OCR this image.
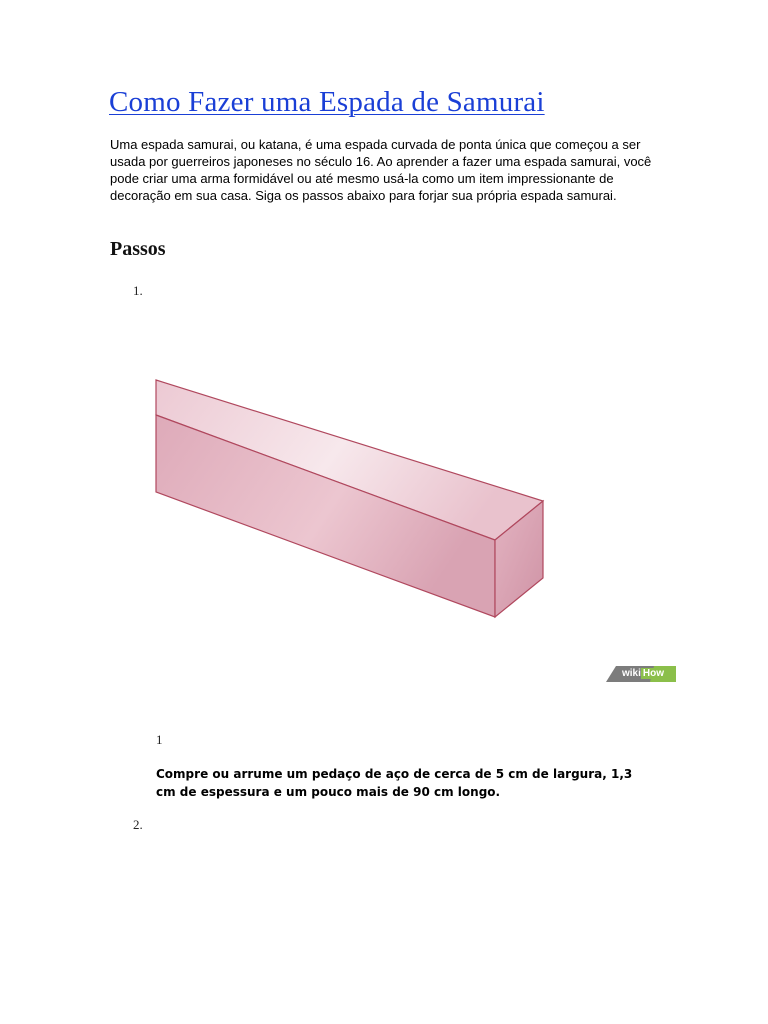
Como Fazer uma Espada de Samurai

Uma espada samurai, ou katana, é uma espada curvada de ponta única que começou a ser usada por guerreiros japoneses no século 16. Ao aprender a fazer uma espada samurai, você pode criar uma arma formidável ou até mesmo usá-la como um item impressionante de decoração em sua casa. Siga os passos abaixo para forjar sua própria espada samurai.

Passos
1.
wiki How
1

Compre ou arrume um pedaço de aço de cerca de 5 cm de largura, 1,3 cm de espessura e um pouco mais de 90 cm longo.

2.
